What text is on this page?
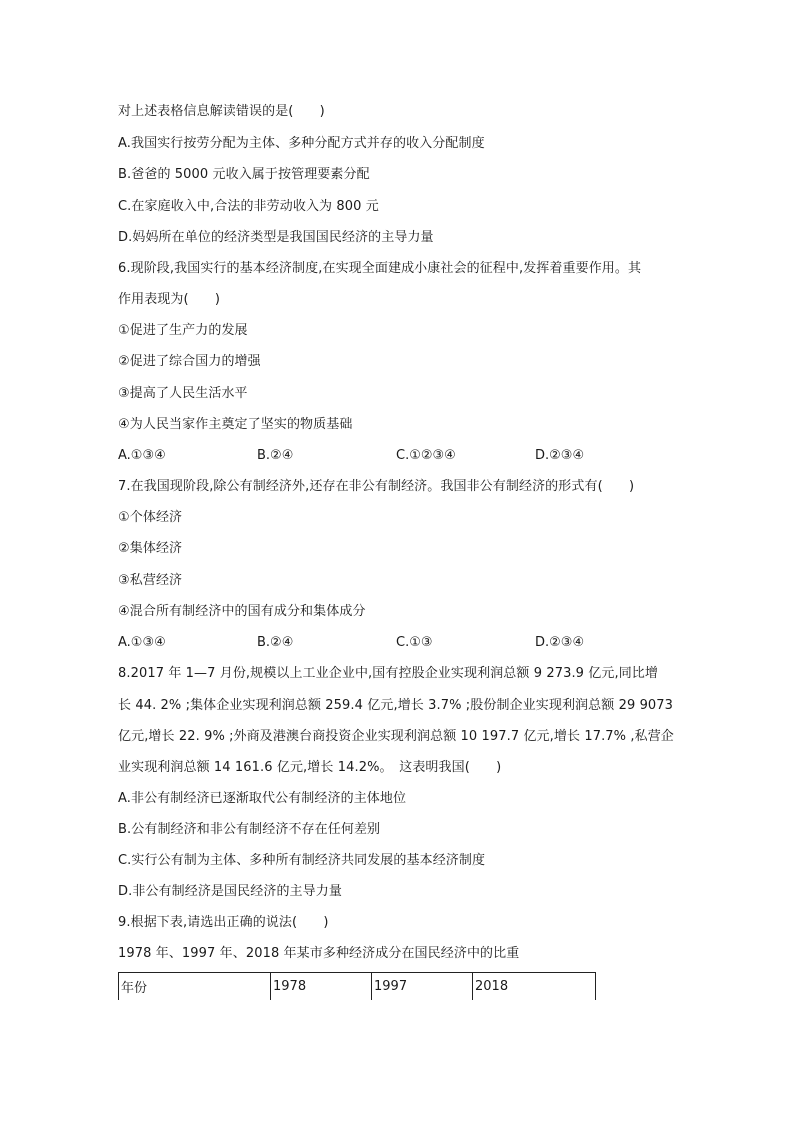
对上述表格信息解读错误的是(　　)
A.我国实行按劳分配为主体、多种分配方式并存的收入分配制度
B.爸爸的 5000 元收入属于按管理要素分配
C.在家庭收入中,合法的非劳动收入为 800 元
D.妈妈所在单位的经济类型是我国国民经济的主导力量
6.现阶段,我国实行的基本经济制度,在实现全面建成小康社会的征程中,发挥着重要作用。其
作用表现为(　　)
①促进了生产力的发展
②促进了综合国力的增强
③提高了人民生活水平
④为人民当家作主奠定了坚实的物质基础
A.①③④	B.②④	C.①②③④	D.②③④
7.在我国现阶段,除公有制经济外,还存在非公有制经济。我国非公有制经济的形式有(　　)
①个体经济
②集体经济
③私营经济
④混合所有制经济中的国有成分和集体成分
A.①③④	B.②④	C.①③	D.②③④
8.2017 年 1—7 月份,规模以上工业企业中,国有控股企业实现利润总额 9 273.9 亿元,同比增
长 44. 2% ;集体企业实现利润总额 259.4 亿元,增长 3.7% ;股份制企业实现利润总额 29 9073
亿元,增长 22. 9% ;外商及港澳台商投资企业实现利润总额 10 197.7 亿元,增长 17.7% ,私营企
业实现利润总额 14 161.6 亿元,增长 14.2%。　这表明我国(　　)
A.非公有制经济已逐渐取代公有制经济的主体地位
B.公有制经济和非公有制经济不存在任何差别
C.实行公有制为主体、多种所有制经济共同发展的基本经济制度
D.非公有制经济是国民经济的主导力量
9.根据下表,请选出正确的说法(　　)
1978 年、1997 年、2018 年某市多种经济成分在国民经济中的比重
年份	1978	1997	2018
